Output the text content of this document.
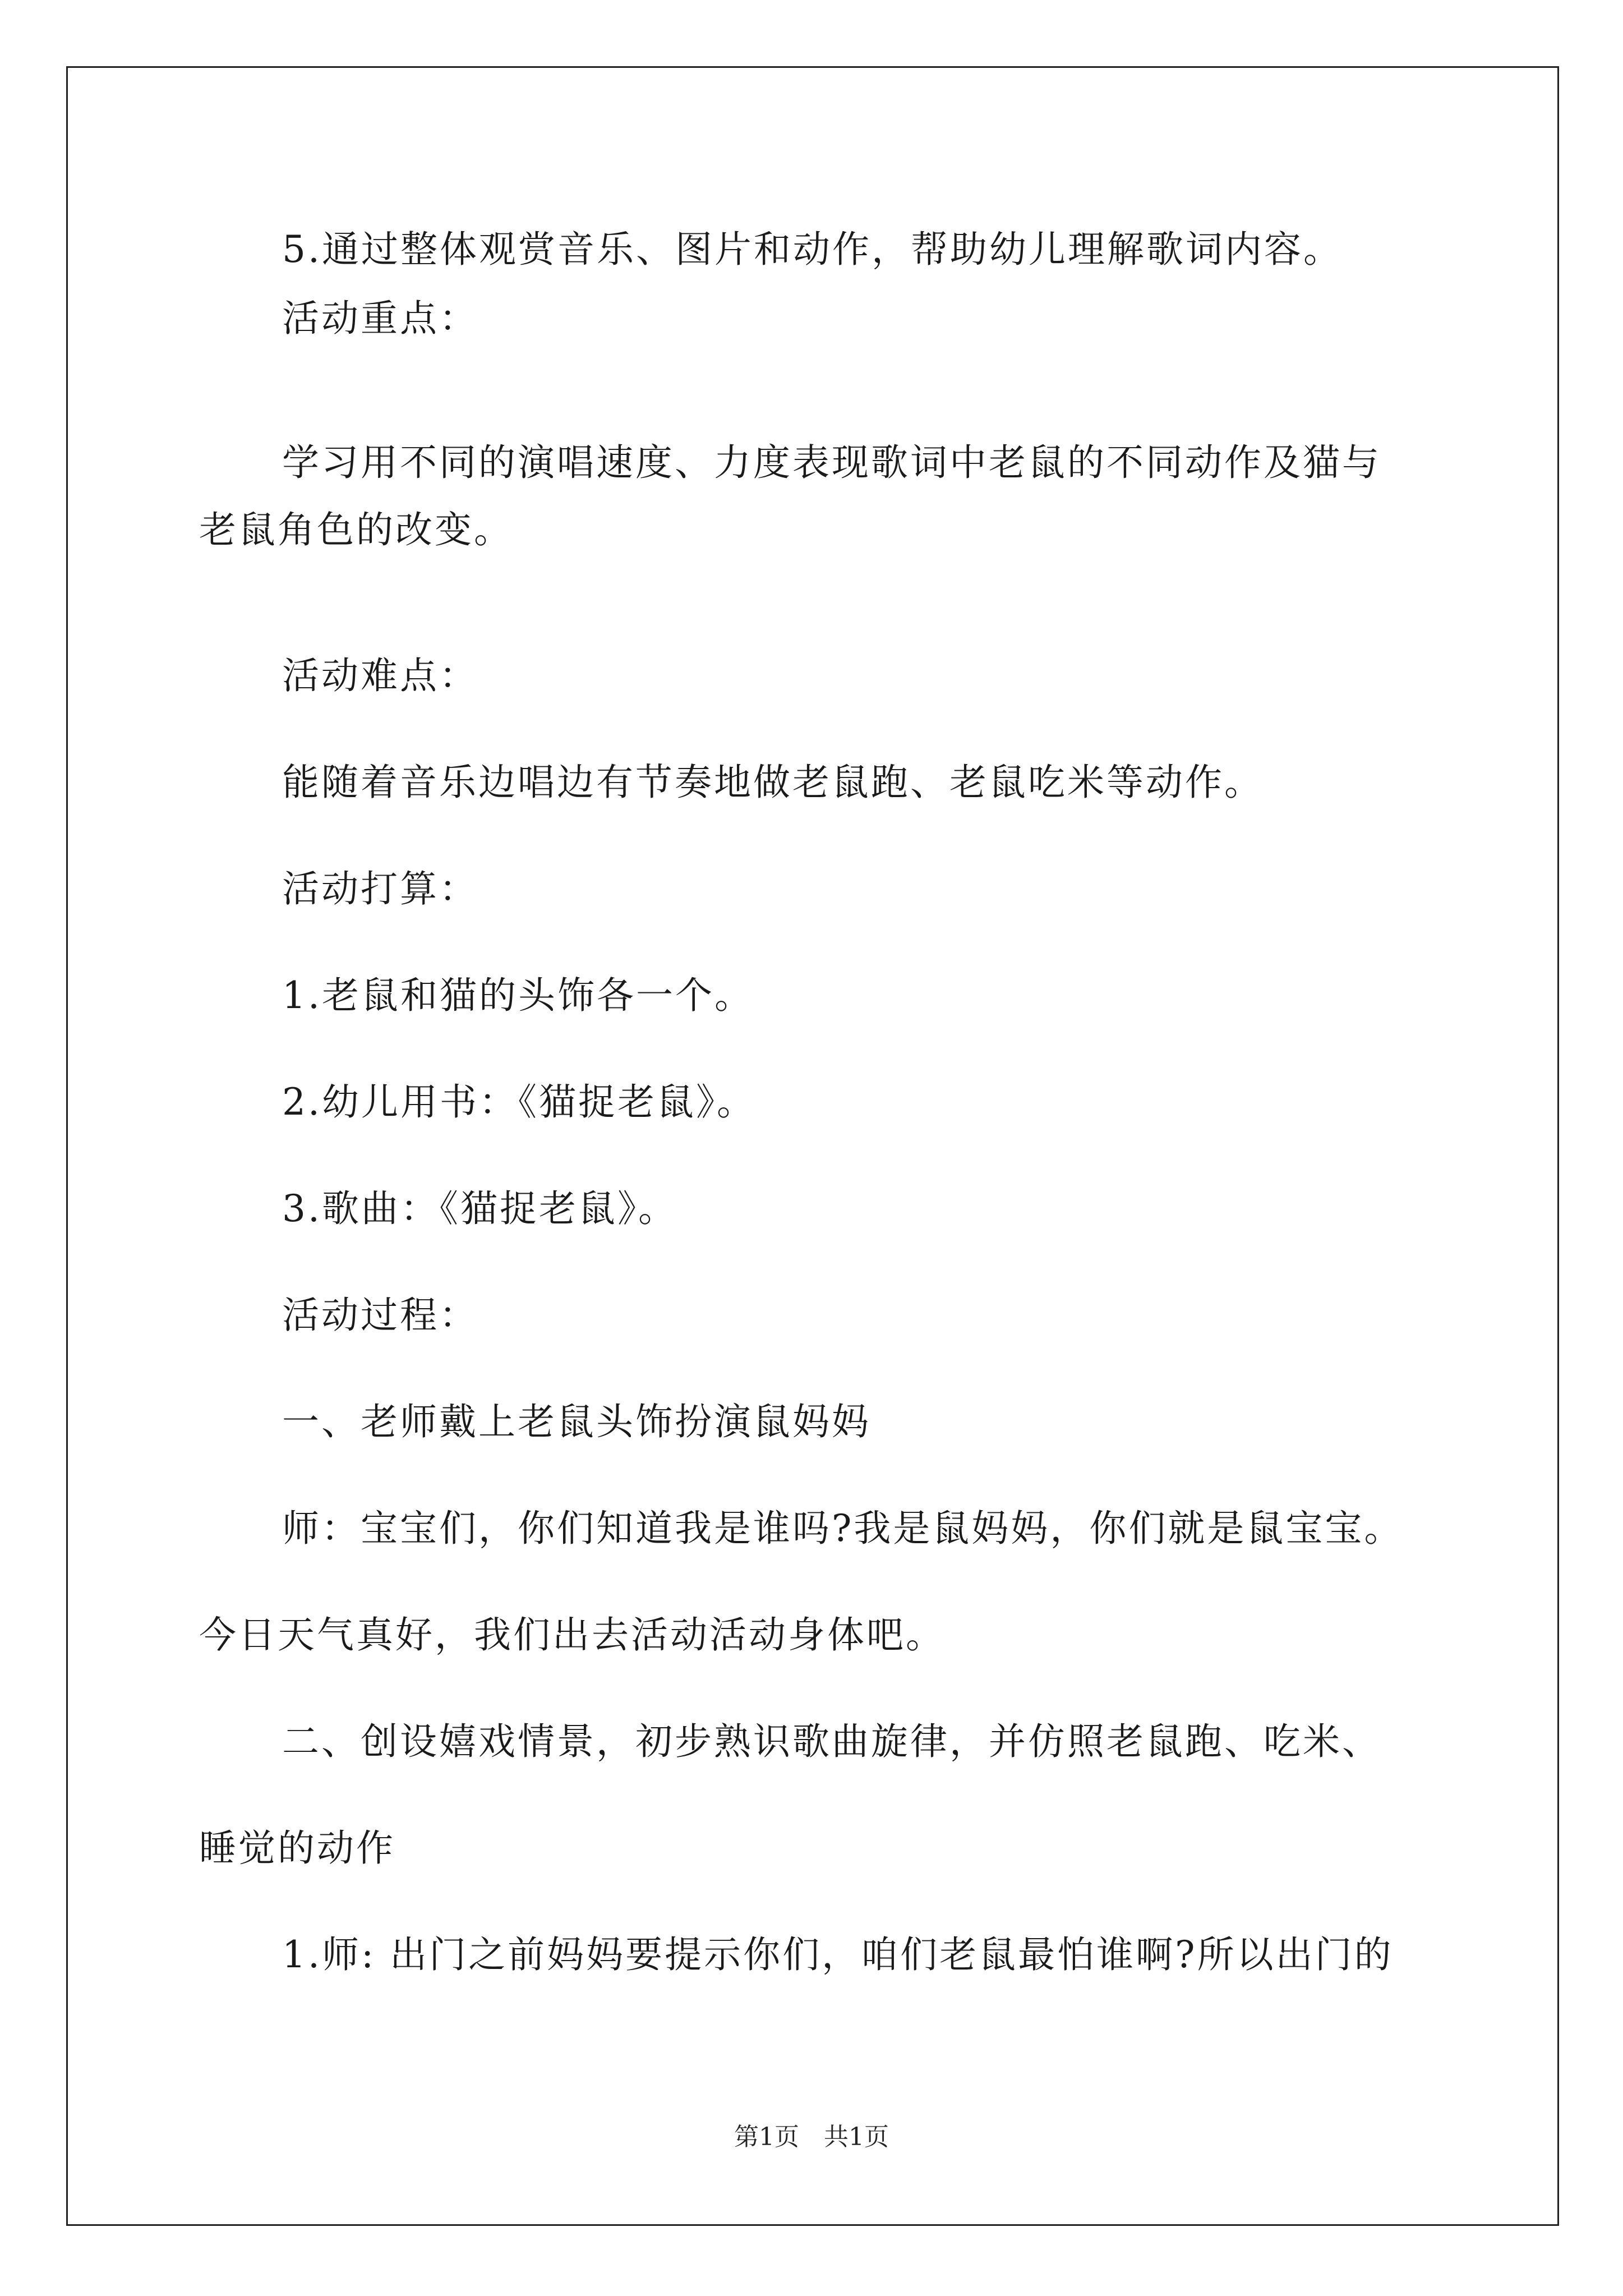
5.通过整体观赏音乐、图片和动作，帮助幼儿理解歌词内容。
活动重点：
学习用不同的演唱速度、力度表现歌词中老鼠的不同动作及猫与
老鼠角色的改变。
活动难点：
能随着音乐边唱边有节奏地做老鼠跑、老鼠吃米等动作。
活动打算：
1.老鼠和猫的头饰各一个。
2.幼儿用书：《猫捉老鼠》。
3.歌曲：《猫捉老鼠》。
活动过程：
一、老师戴上老鼠头饰扮演鼠妈妈
师：宝宝们，你们知道我是谁吗?我是鼠妈妈，你们就是鼠宝宝。
今日天气真好，我们出去活动活动身体吧。
二、创设嬉戏情景，初步熟识歌曲旋律，并仿照老鼠跑、吃米、
睡觉的动作
1.师: 出门之前妈妈要提示你们，咱们老鼠最怕谁啊?所以出门的
第1页　共1页
